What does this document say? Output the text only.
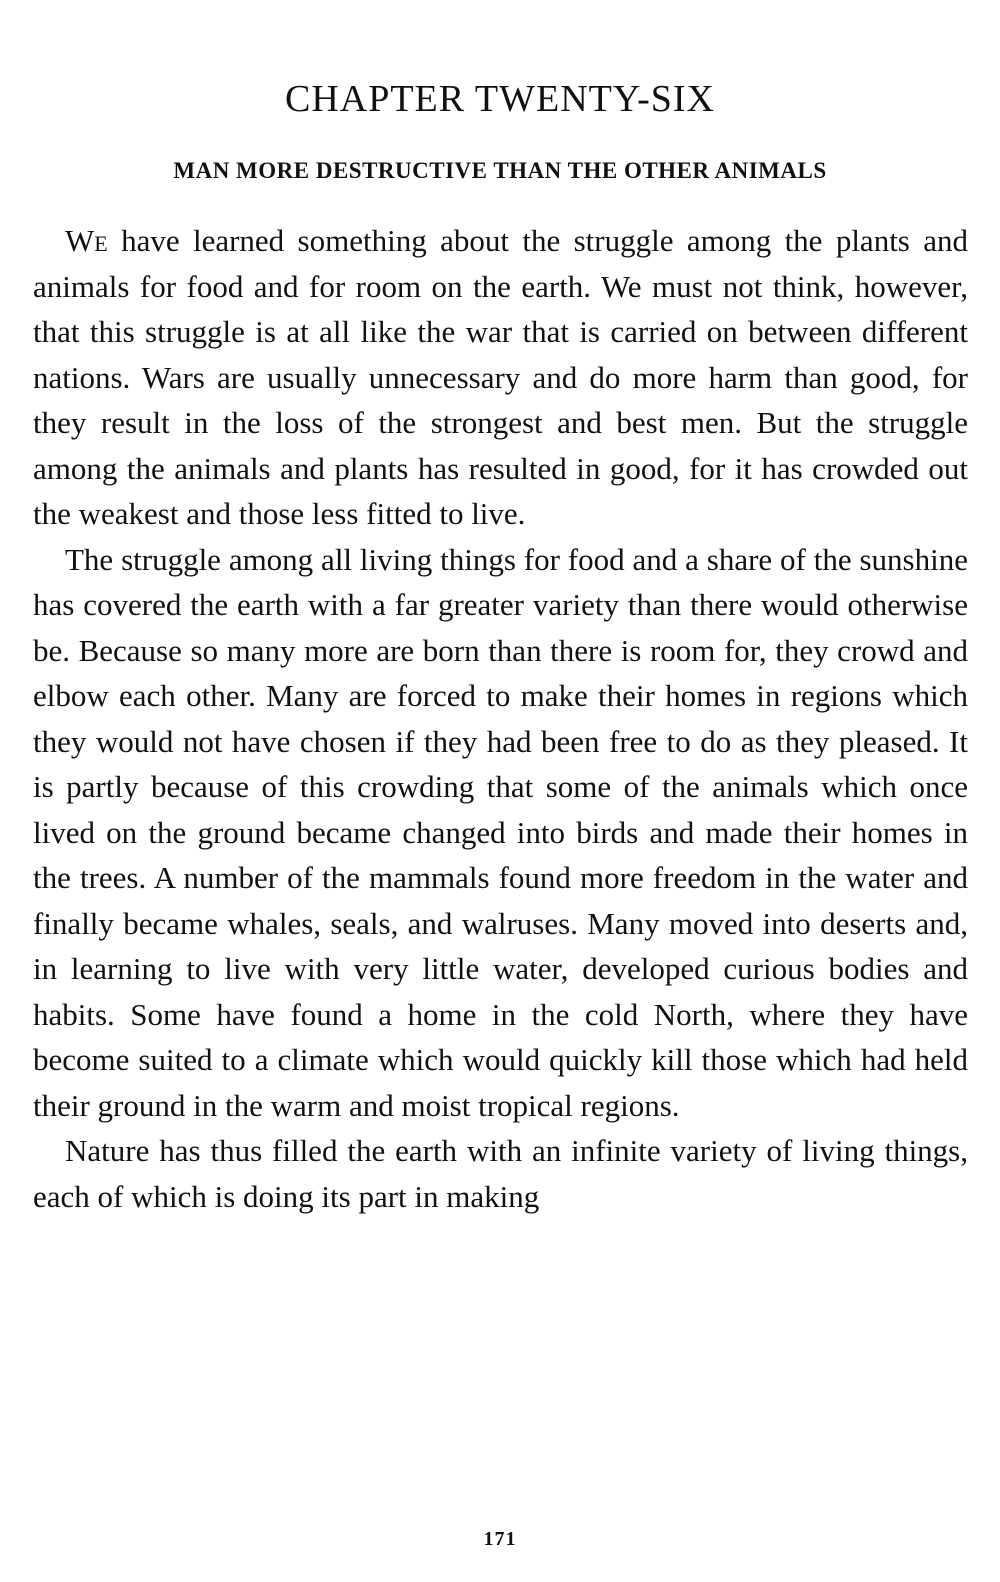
CHAPTER TWENTY-SIX
MAN MORE DESTRUCTIVE THAN THE OTHER ANIMALS

We have learned something about the struggle among the plants and animals for food and for room on the earth. We must not think, however, that this struggle is at all like the war that is carried on between different nations. Wars are usually unnecessary and do more harm than good, for they result in the loss of the strongest and best men. But the struggle among the animals and plants has resulted in good, for it has crowded out the weakest and those less fitted to live.

The struggle among all living things for food and a share of the sunshine has covered the earth with a far greater variety than there would otherwise be. Because so many more are born than there is room for, they crowd and elbow each other. Many are forced to make their homes in regions which they would not have chosen if they had been free to do as they pleased. It is partly because of this crowding that some of the animals which once lived on the ground became changed into birds and made their homes in the trees. A number of the mammals found more freedom in the water and finally became whales, seals, and walruses. Many moved into deserts and, in learning to live with very little water, developed curious bodies and habits. Some have found a home in the cold North, where they have become suited to a climate which would quickly kill those which had held their ground in the warm and moist tropical regions.

Nature has thus filled the earth with an infinite variety of living things, each of which is doing its part in making

171
